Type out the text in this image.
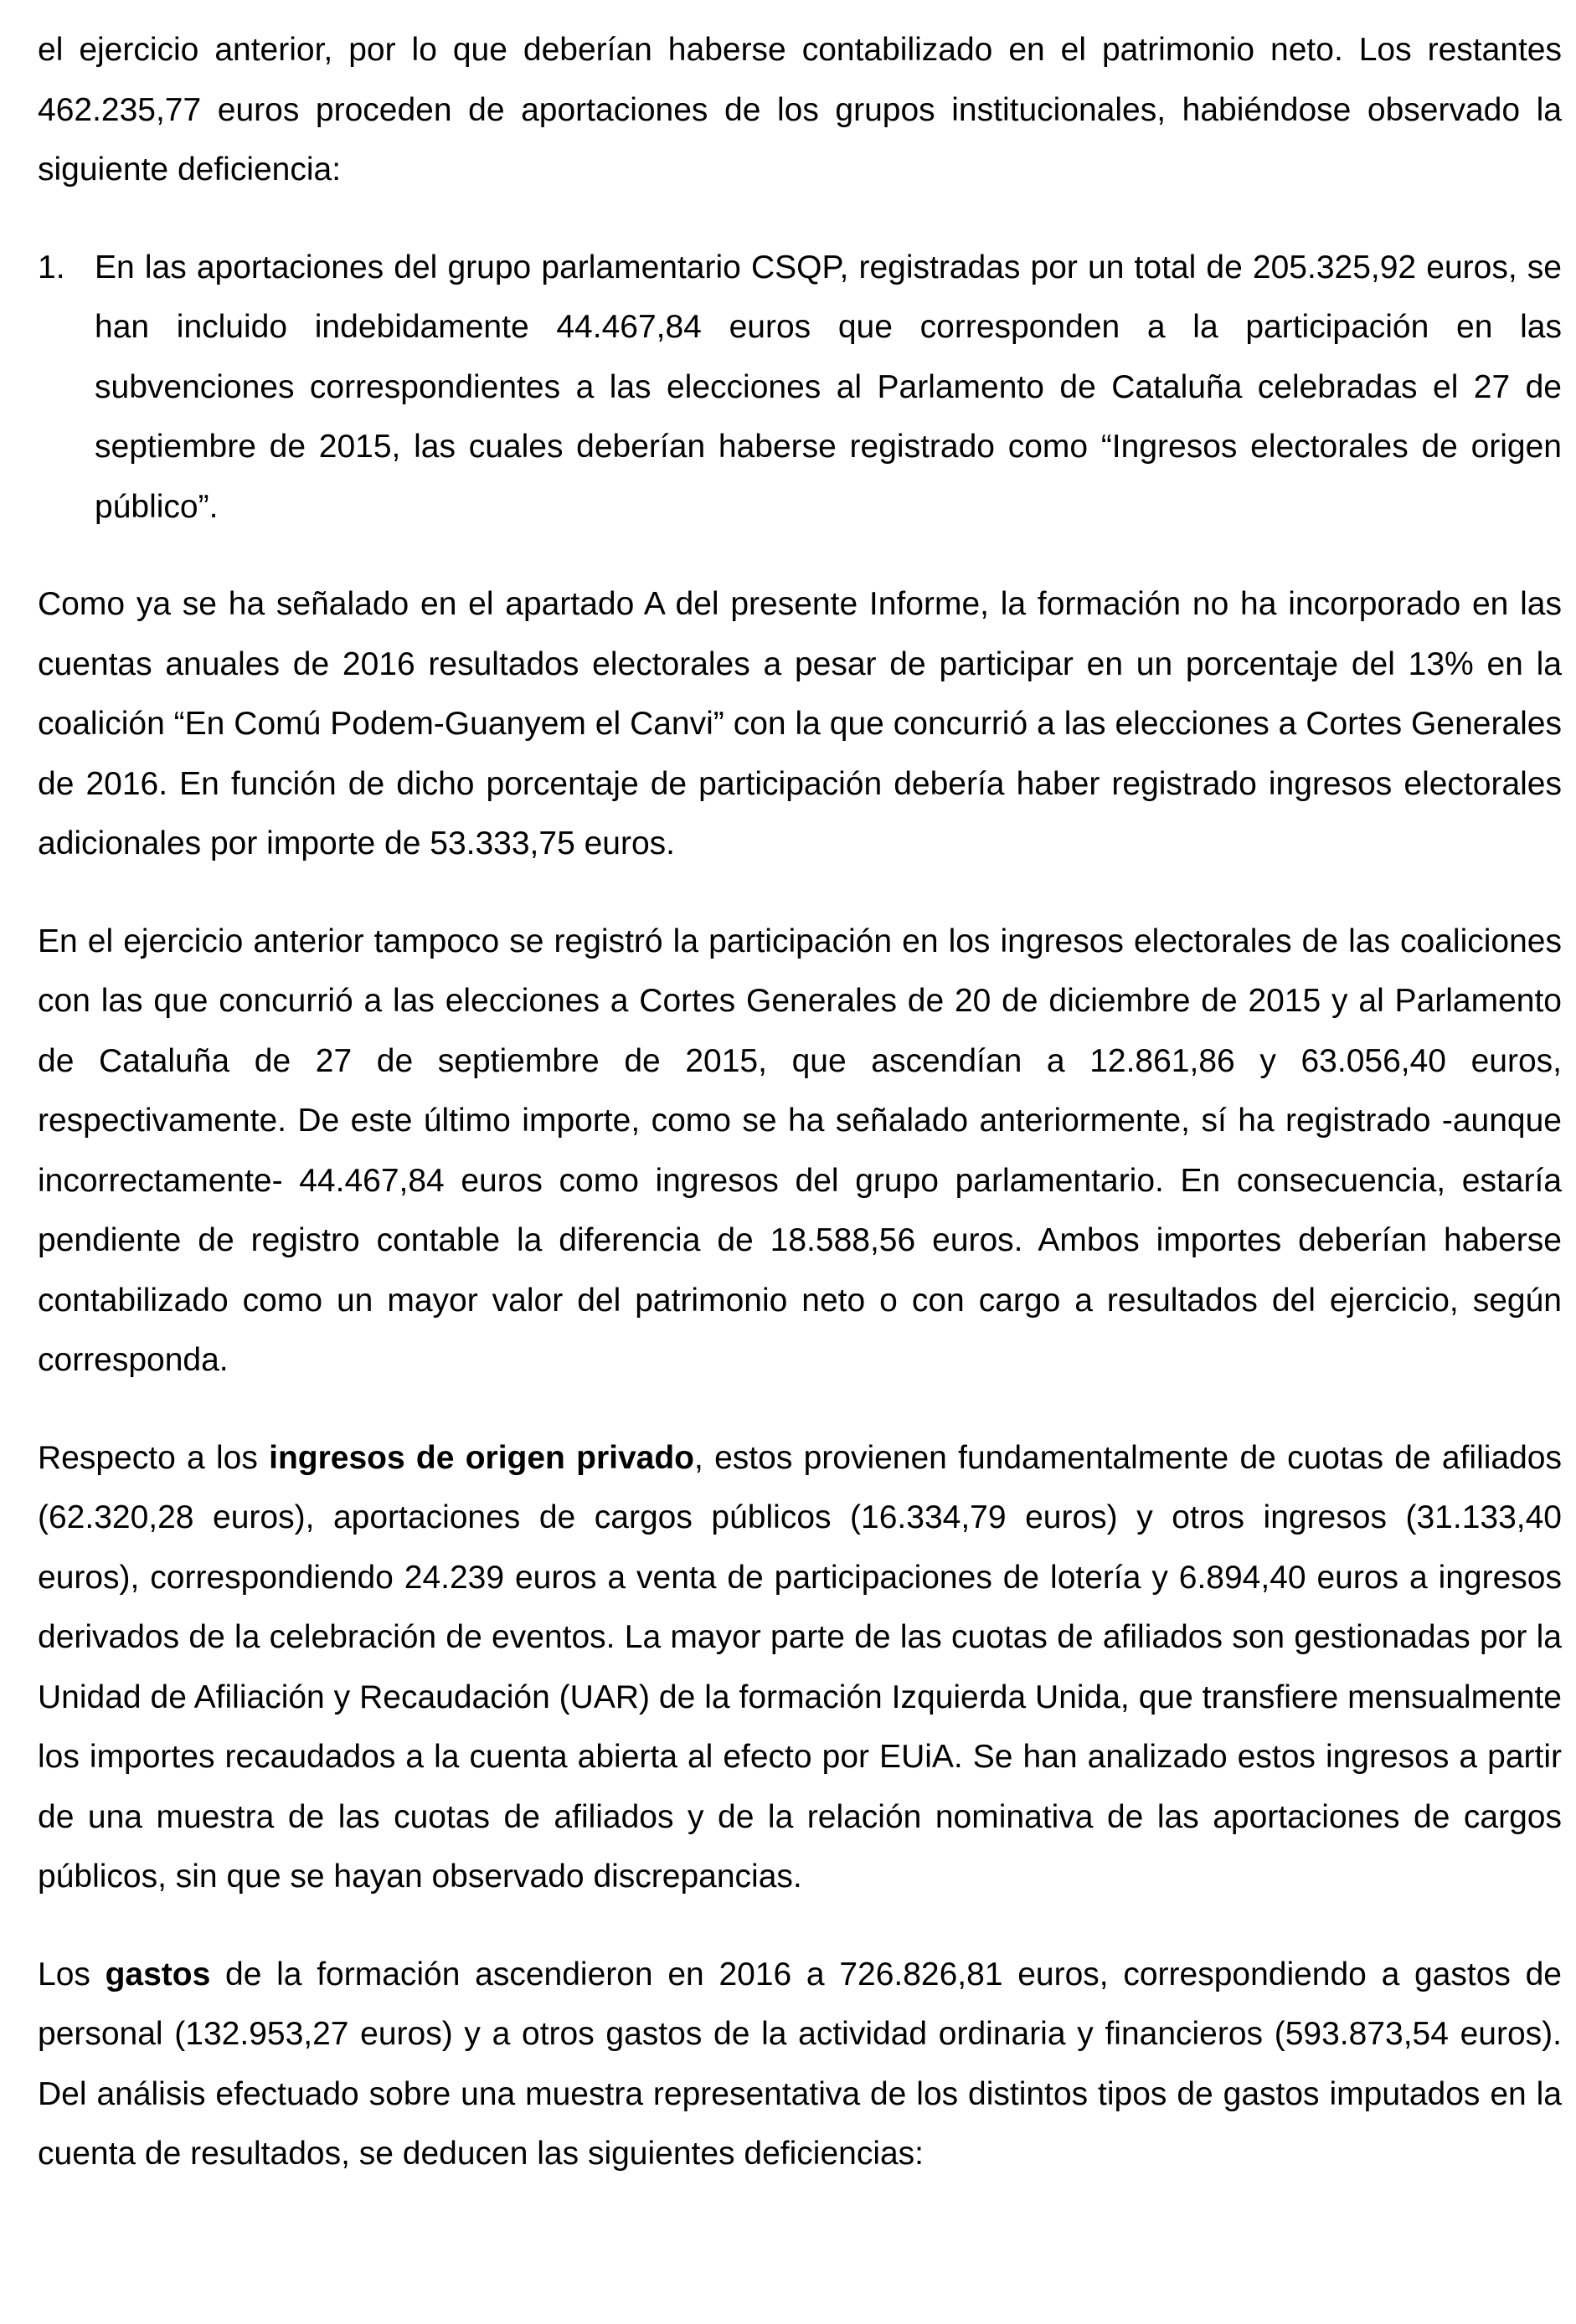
el ejercicio anterior, por lo que deberían haberse contabilizado en el patrimonio neto. Los restantes 462.235,77 euros proceden de aportaciones de los grupos institucionales, habiéndose observado la siguiente deficiencia:

1. En las aportaciones del grupo parlamentario CSQP, registradas por un total de 205.325,92 euros, se han incluido indebidamente 44.467,84 euros que corresponden a la participación en las subvenciones correspondientes a las elecciones al Parlamento de Cataluña celebradas el 27 de septiembre de 2015, las cuales deberían haberse registrado como “Ingresos electorales de origen público”.

Como ya se ha señalado en el apartado A del presente Informe, la formación no ha incorporado en las cuentas anuales de 2016 resultados electorales a pesar de participar en un porcentaje del 13% en la coalición “En Comú Podem-Guanyem el Canvi” con la que concurrió a las elecciones a Cortes Generales de 2016. En función de dicho porcentaje de participación debería haber registrado ingresos electorales adicionales por importe de 53.333,75 euros.

En el ejercicio anterior tampoco se registró la participación en los ingresos electorales de las coaliciones con las que concurrió a las elecciones a Cortes Generales de 20 de diciembre de 2015 y al Parlamento de Cataluña de 27 de septiembre de 2015, que ascendían a 12.861,86 y 63.056,40 euros, respectivamente. De este último importe, como se ha señalado anteriormente, sí ha registrado -aunque incorrectamente- 44.467,84 euros como ingresos del grupo parlamentario. En consecuencia, estaría pendiente de registro contable la diferencia de 18.588,56 euros. Ambos importes deberían haberse contabilizado como un mayor valor del patrimonio neto o con cargo a resultados del ejercicio, según corresponda.

Respecto a los ingresos de origen privado, estos provienen fundamentalmente de cuotas de afiliados (62.320,28 euros), aportaciones de cargos públicos (16.334,79 euros) y otros ingresos (31.133,40 euros), correspondiendo 24.239 euros a venta de participaciones de lotería y 6.894,40 euros a ingresos derivados de la celebración de eventos. La mayor parte de las cuotas de afiliados son gestionadas por la Unidad de Afiliación y Recaudación (UAR) de la formación Izquierda Unida, que transfiere mensualmente los importes recaudados a la cuenta abierta al efecto por EUiA. Se han analizado estos ingresos a partir de una muestra de las cuotas de afiliados y de la relación nominativa de las aportaciones de cargos públicos, sin que se hayan observado discrepancias.

Los gastos de la formación ascendieron en 2016 a 726.826,81 euros, correspondiendo a gastos de personal (132.953,27 euros) y a otros gastos de la actividad ordinaria y financieros (593.873,54 euros). Del análisis efectuado sobre una muestra representativa de los distintos tipos de gastos imputados en la cuenta de resultados, se deducen las siguientes deficiencias:
